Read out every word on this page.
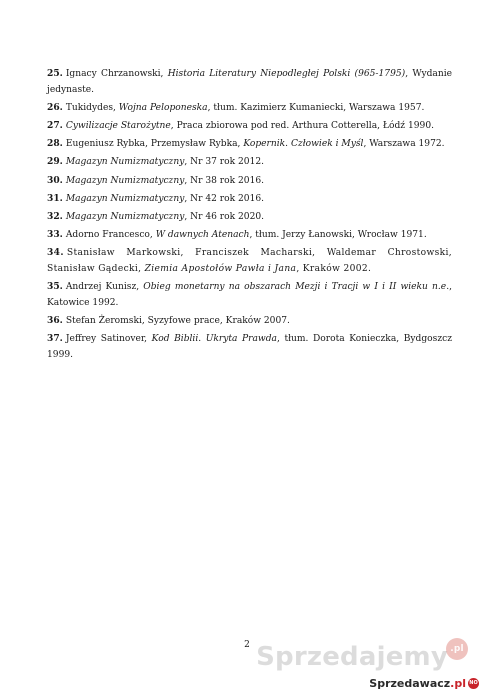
25. Ignacy Chrzanowski, Historia Literatury Niepodległej Polski (965-1795), Wydanie jedynaste.
26. Tukidydes, Wojna Peloponeska, tłum. Kazimierz Kumaniecki, Warszawa 1957.
27. Cywilizacje Starożytne, Praca zbiorowa pod red. Arthura Cotterella, Łódź 1990.
28. Eugeniusz Rybka, Przemysław Rybka, Kopernik. Człowiek i Myśl, Warszawa 1972.
29. Magazyn Numizmatyczny, Nr 37 rok 2012.
30. Magazyn Numizmatyczny, Nr 38 rok 2016.
31. Magazyn Numizmatyczny, Nr 42 rok 2016.
32. Magazyn Numizmatyczny, Nr 46 rok 2020.
33. Adorno Francesco, W dawnych Atenach, tłum. Jerzy Łanowski, Wrocław 1971.
34. Stanisław Markowski, Franciszek Macharski, Waldemar Chrostowski, Stanisław Gądecki, Ziemia Apostołów Pawła i Jana, Kraków 2002.
35. Andrzej Kunisz, Obieg monetarny na obszarach Mezji i Tracji w I i II wieku n.e., Katowice 1992.
36. Stefan Żeromski, Syzyfowe prace, Kraków 2007.
37. Jeffrey Satinover, Kod Biblii. Ukryta Prawda, tłum. Dorota Konieczka, Bydgoszcz 1999.
2 Sprzedajemy .pl
Sprzedawacz .pl NO
